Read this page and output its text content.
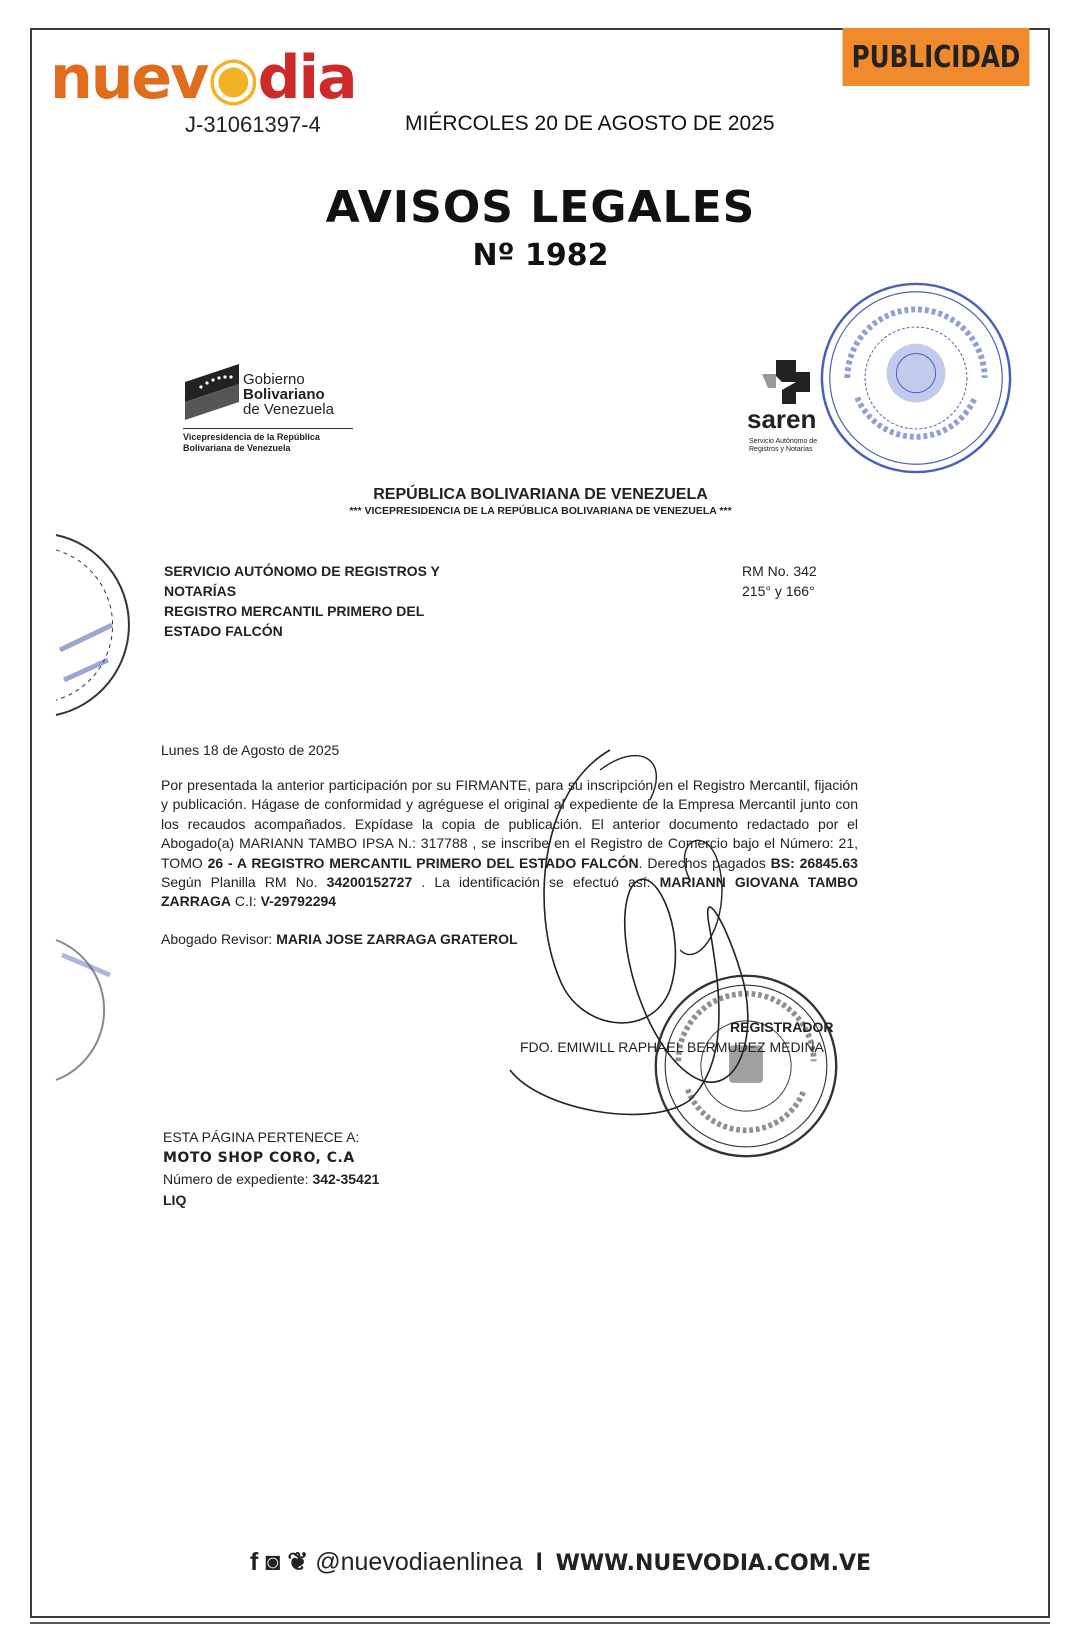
nuev◉dia
J-31061397-4	MIÉRCOLES 20 DE AGOSTO DE 2025
PUBLICIDAD
AVISOS LEGALES
Nº 1982
Gobierno
Bolivariano
de Venezuela
Vicepresidencia de la República
Bolivariana de Venezuela
saren
Servicio Autónomo de
Registros y Notarías
REPÚBLICA BOLIVARIANA DE VENEZUELA
*** VICEPRESIDENCIA DE LA REPÚBLICA BOLIVARIANA DE VENEZUELA ***
SERVICIO AUTÓNOMO DE REGISTROS Y
NOTARÍAS
REGISTRO MERCANTIL PRIMERO DEL
ESTADO FALCÓN
RM No. 342
215° y 166°
Lunes 18 de Agosto de 2025
Por presentada la anterior participación por su FIRMANTE, para su inscripción en el Registro Mercantil, fijación y publicación. Hágase de conformidad y agréguese el original al expediente de la Empresa Mercantil junto con los recaudos acompañados. Expídase la copia de publicación. El anterior documento redactado por el Abogado(a) MARIANN TAMBO IPSA N.: 317788 , se inscribe en el Registro de Comercio bajo el Número: 21, TOMO 26 - A REGISTRO MERCANTIL PRIMERO DEL ESTADO FALCÓN. Derechos pagados BS: 26845.63 Según Planilla RM No. 34200152727 . La identificación se efectuó así: MARIANN GIOVANA TAMBO ZARRAGA C.I: V-29792294
Abogado Revisor: MARIA JOSE ZARRAGA GRATEROL
REGISTRADOR
FDO. EMIWILL RAPHAEL BERMUDEZ MEDINA
ESTA PÁGINA PERTENECE A:
MOTO SHOP CORO, C.A
Número de expediente: 342-35421
LIQ
f ◙ ❦ @nuevodiaenlinea I WWW.NUEVODIA.COM.VE
